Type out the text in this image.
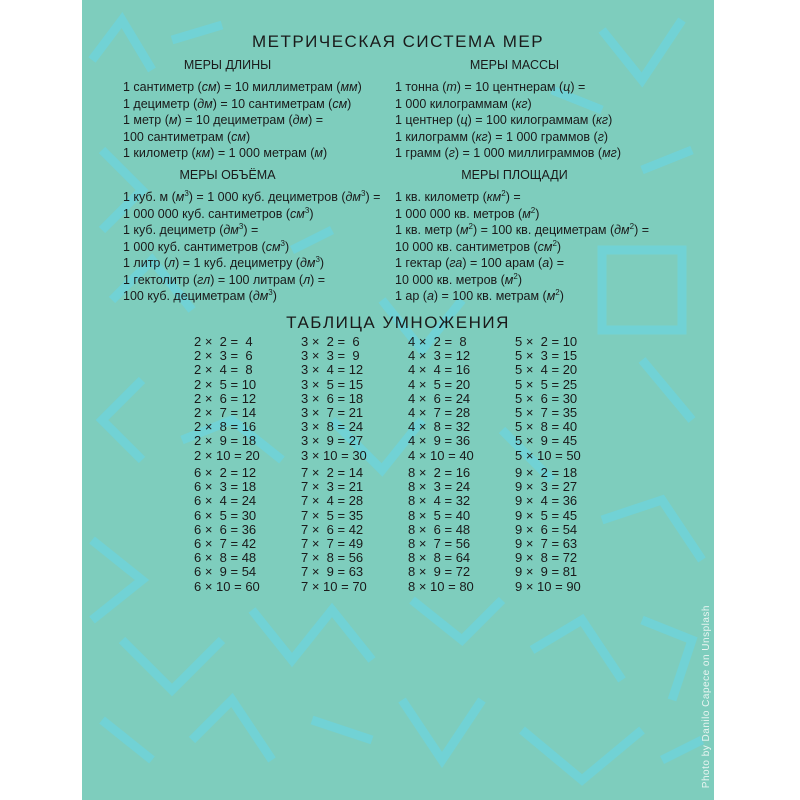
МЕТРИЧЕСКАЯ СИСТЕМА МЕР
МЕРЫ ДЛИНЫ	МЕРЫ МАССЫ
1 сантиметр (см) = 10 миллиметрам (мм)
1 дециметр (дм) = 10 сантиметрам (см)
1 метр (м) = 10 дециметрам (дм) =
100 сантиметрам (см)
1 километр (км) = 1 000 метрам (м)
1 тонна (т) = 10 центнерам (ц) =
1 000 килограммам (кг)
1 центнер (ц) = 100 килограммам (кг)
1 килограмм (кг) = 1 000 граммов (г)
1 грамм (г) = 1 000 миллиграммов (мг)
МЕРЫ ОБЪЁМА	МЕРЫ ПЛОЩАДИ
1 куб. м $(м^3) = 1$ 000 куб. дециметров $(дм^3)$ =
1 000 000 куб. сантиметров $(см^3)$
1 куб. дециметр $(дм^3)$ =
1 000 куб. сантиметров $(см^3)$
1 литр (л) = 1 куб. дециметру $(дм^3)$
1 гектолитр (гл) = 100 литрам (л) =
100 куб. дециметрам $(дм^3)$
1 кв. километр $(км^2)$ =
1 000 000 кв. метров $(м^2)$
1 кв. метр $(м^2) = 100$ кв. дециметрам $(дм^2)$ =
10 000 кв. сантиметров $(см^2)$
1 гектар (га) = 100 арам (а) =
10 000 кв. метров $(м^2)$
1 ар (а) = 100 кв. метрам $(м^2)$
ТАБЛИЦА УМНОЖЕНИЯ
2 ×  2 =  4
2 ×  3 =  6
2 ×  4 =  8
2 ×  5 = 10
2 ×  6 = 12
2 ×  7 = 14
2 ×  8 = 16
2 ×  9 = 18
2 × 10 = 20
3 ×  2 =  6
3 ×  3 =  9
3 ×  4 = 12
3 ×  5 = 15
3 ×  6 = 18
3 ×  7 = 21
3 ×  8 = 24
3 ×  9 = 27
3 × 10 = 30
4 ×  2 =  8
4 ×  3 = 12
4 ×  4 = 16
4 ×  5 = 20
4 ×  6 = 24
4 ×  7 = 28
4 ×  8 = 32
4 ×  9 = 36
4 × 10 = 40
5 ×  2 = 10
5 ×  3 = 15
5 ×  4 = 20
5 ×  5 = 25
5 ×  6 = 30
5 ×  7 = 35
5 ×  8 = 40
5 ×  9 = 45
5 × 10 = 50
6 ×  2 = 12
6 ×  3 = 18
6 ×  4 = 24
6 ×  5 = 30
6 ×  6 = 36
6 ×  7 = 42
6 ×  8 = 48
6 ×  9 = 54
6 × 10 = 60
7 ×  2 = 14
7 ×  3 = 21
7 ×  4 = 28
7 ×  5 = 35
7 ×  6 = 42
7 ×  7 = 49
7 ×  8 = 56
7 ×  9 = 63
7 × 10 = 70
8 ×  2 = 16
8 ×  3 = 24
8 ×  4 = 32
8 ×  5 = 40
8 ×  6 = 48
8 ×  7 = 56
8 ×  8 = 64
8 ×  9 = 72
8 × 10 = 80
9 ×  2 = 18
9 ×  3 = 27
9 ×  4 = 36
9 ×  5 = 45
9 ×  6 = 54
9 ×  7 = 63
9 ×  8 = 72
9 ×  9 = 81
9 × 10 = 90
Photo by Danilo Capece on Unsplash
